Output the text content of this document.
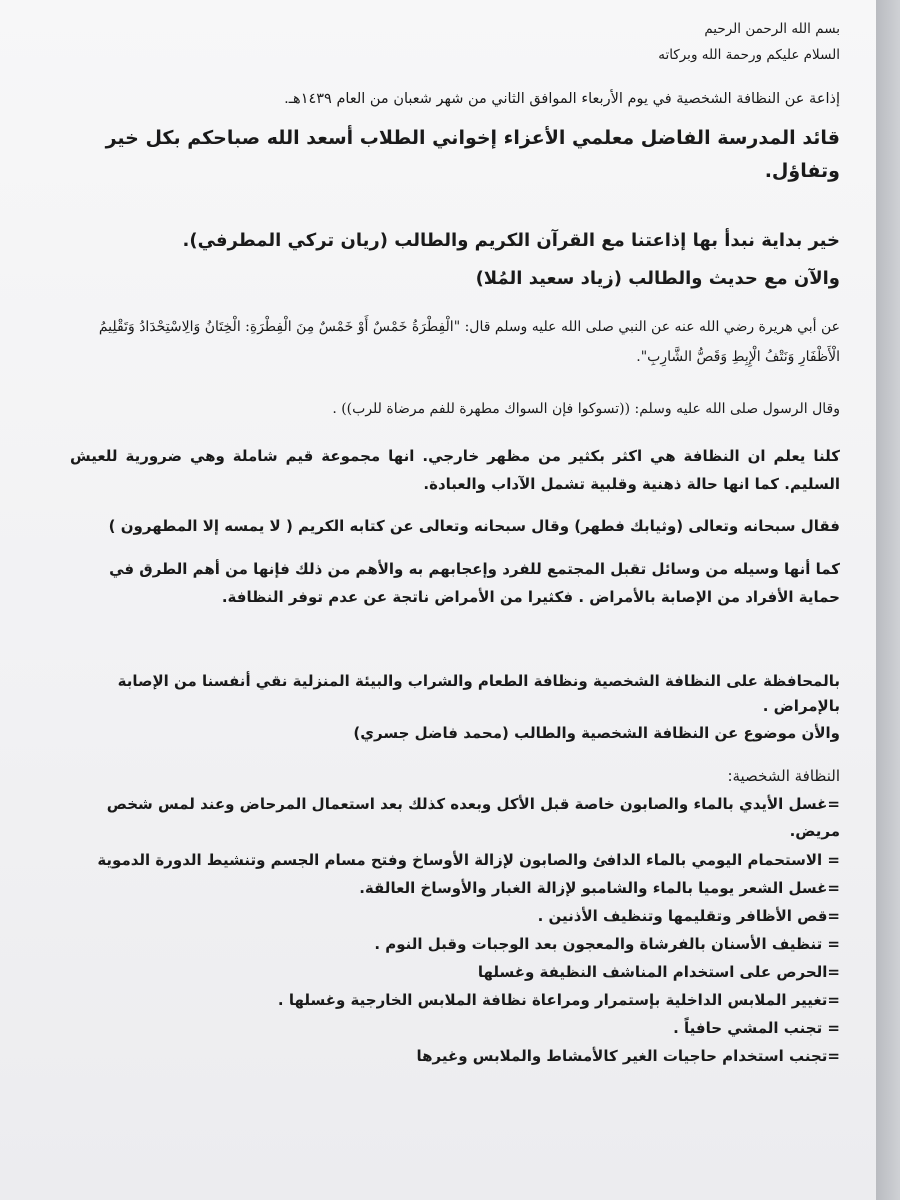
بسم الله الرحمن الرحيم

السلام عليكم ورحمة الله وبركاته

إذاعة عن النظافة الشخصية في يوم الأربعاء الموافق الثاني من شهر شعبان من العام ١٤٣٩هـ.

قائد المدرسة الفاضل معلمي الأعزاء إخواني الطلاب أسعد الله صباحكم بكل خير وتفاؤل.

خير بداية نبدأ بها إذاعتنا مع القرآن الكريم والطالب (ريان تركي المطرفي).

والآن مع حديث والطالب (زياد سعيد المُلا)

عن أبي هريرة رضي الله عنه عن النبي صلى الله عليه وسلم قال: "الْفِطْرَةُ خَمْسٌ أَوْ خَمْسٌ مِنَ الْفِطْرَةِ: الْخِتَانُ وَالِاسْتِحْدَادُ وَتَقْلِيمُ الْأَظْفَارِ وَنَتْفُ الْإِبِطِ وَقَصُّ الشَّارِبِ".

وقال الرسول صلى الله عليه وسلم: ((تسوكوا فإن السواك مطهرة للفم مرضاة للرب)) .

كلنا يعلم ان النظافة هي اكثر بكثير من مظهر خارجي. انها مجموعة قيم شاملة وهي ضرورية للعيش السليم. كما انها حالة ذهنية وقلبية تشمل الآداب والعبادة.

فقال سبحانه وتعالى (وثيابك فطهر) وقال سبحانه وتعالى عن كتابه الكريم ( لا يمسه إلا المطهرون )

كما أنها وسيله من وسائل تقبل المجتمع للفرد وإعجابهم به والأهم من ذلك فإنها من أهم الطرق في حماية الأفراد من الإصابة بالأمراض . فكثيرا من الأمراض ناتجة عن عدم توفر النظافة.

بالمحافظة على النظافة الشخصية ونظافة الطعام والشراب والبيئة المنزلية نقي أنفسنا من الإصابة بالإمراض .

والأن موضوع عن النظافة الشخصية والطالب (محمد فاضل جسري)

النظافة الشخصية:

=غسل الأيدي بالماء والصابون خاصة قبل الأكل وبعده كذلك بعد استعمال المرحاض وعند لمس شخص مريض.

= الاستحمام اليومي بالماء الدافئ والصابون لإزالة الأوساخ وفتح مسام الجسم وتنشيط الدورة الدموية

=غسل الشعر يوميا بالماء والشامبو لإزالة الغبار والأوساخ العالقة.

=قص الأظافر وتقليمها وتنظيف الأذنين .

= تنظيف الأسنان بالفرشاة والمعجون بعد الوجبات وقبل النوم .

=الحرص على استخدام المناشف النظيفة وغسلها

=تغيير الملابس الداخلية بإستمرار ومراعاة نظافة الملابس الخارجية وغسلها .

= تجنب المشي حافياً .

=تجنب استخدام حاجيات الغير كالأمشاط والملابس وغيرها
